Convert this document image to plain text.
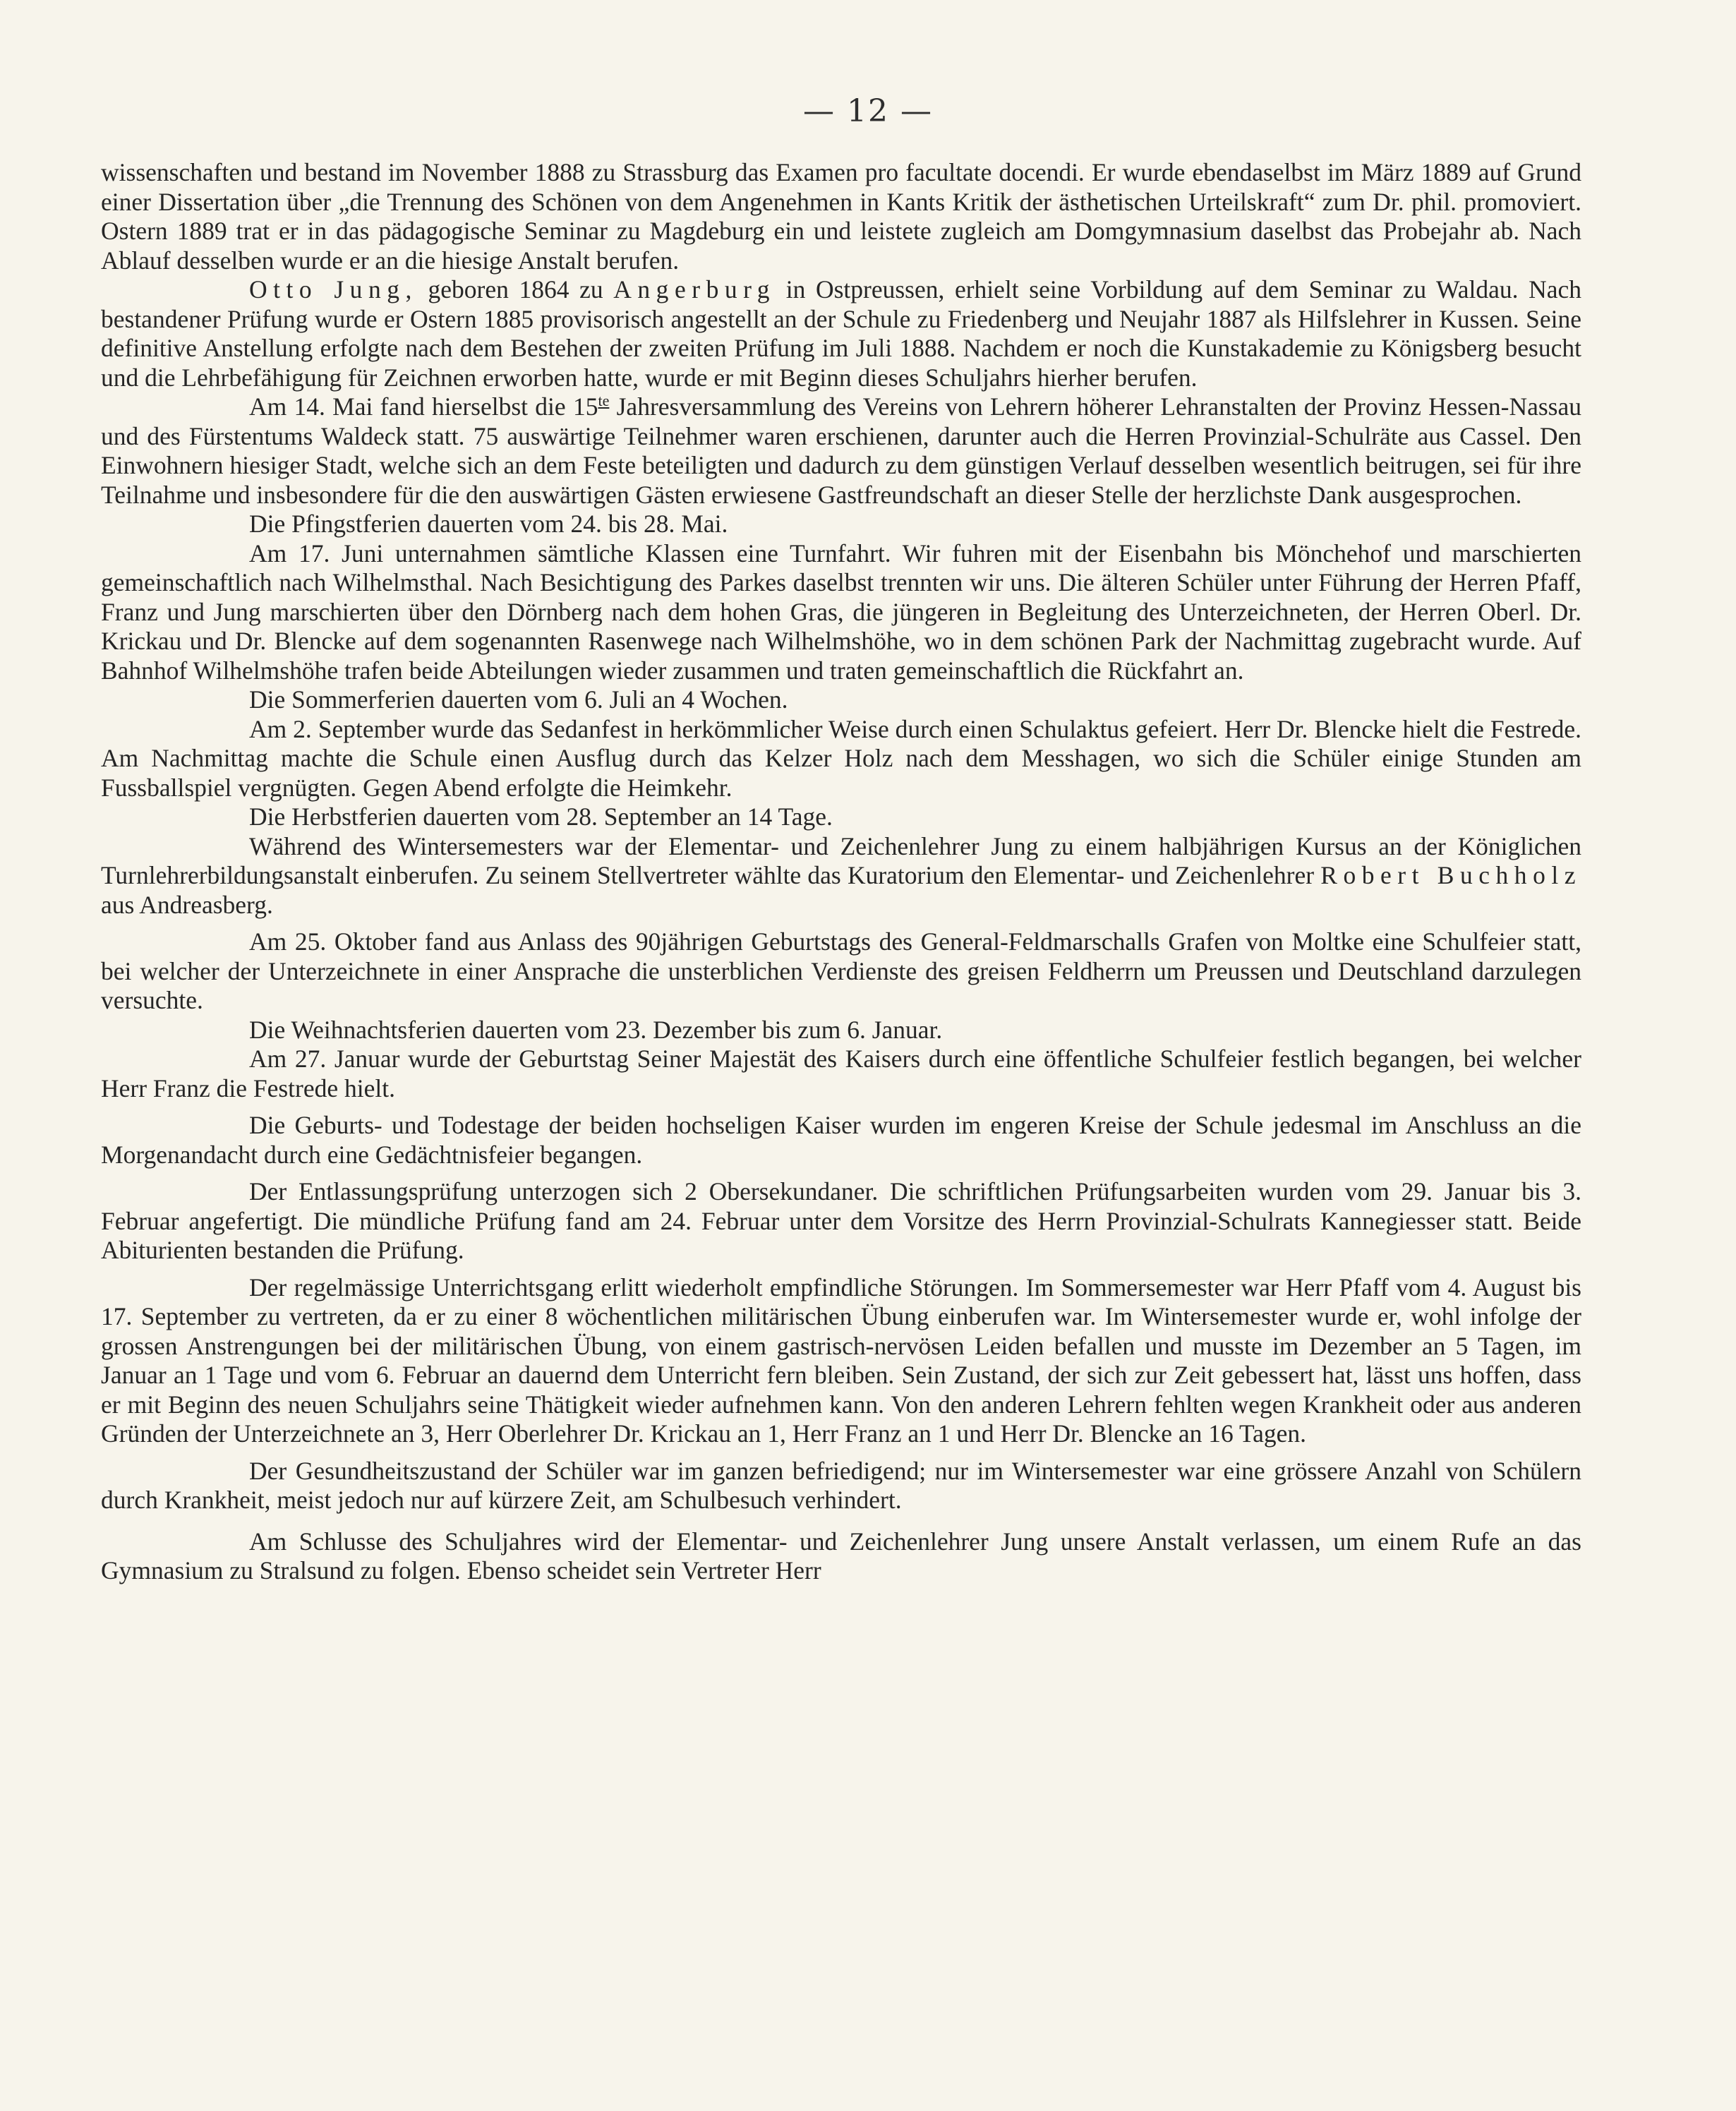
— 12 —

wissenschaften und bestand im November 1888 zu Strassburg das Examen pro facultate docendi. Er wurde ebendaselbst im März 1889 auf Grund einer Dissertation über „die Trennung des Schönen von dem Angenehmen in Kants Kritik der ästhetischen Urteilskraft“ zum Dr. phil. promoviert. Ostern 1889 trat er in das pädagogische Seminar zu Magdeburg ein und leistete zugleich am Domgymnasium daselbst das Probejahr ab. Nach Ablauf desselben wurde er an die hiesige Anstalt berufen.

Otto Jung, geboren 1864 zu Angerburg in Ostpreussen, erhielt seine Vorbildung auf dem Seminar zu Waldau. Nach bestandener Prüfung wurde er Ostern 1885 provisorisch angestellt an der Schule zu Friedenberg und Neujahr 1887 als Hilfslehrer in Kussen. Seine definitive Anstellung erfolgte nach dem Bestehen der zweiten Prüfung im Juli 1888. Nachdem er noch die Kunstakademie zu Königsberg besucht und die Lehrbefähigung für Zeichnen erworben hatte, wurde er mit Beginn dieses Schuljahrs hierher berufen.

Am 14. Mai fand hierselbst die $15^{te}$ Jahresversammlung des Vereins von Lehrern höherer Lehranstalten der Provinz Hessen-Nassau und des Fürstentums Waldeck statt. 75 auswärtige Teilnehmer waren erschienen, darunter auch die Herren Provinzial-Schulräte aus Cassel. Den Einwohnern hiesiger Stadt, welche sich an dem Feste beteiligten und dadurch zu dem günstigen Verlauf desselben wesentlich beitrugen, sei für ihre Teilnahme und insbesondere für die den auswärtigen Gästen erwiesene Gastfreundschaft an dieser Stelle der herzlichste Dank ausgesprochen.

Die Pfingstferien dauerten vom 24. bis 28. Mai.

Am 17. Juni unternahmen sämtliche Klassen eine Turnfahrt. Wir fuhren mit der Eisenbahn bis Mönchehof und marschierten gemeinschaftlich nach Wilhelmsthal. Nach Besichtigung des Parkes daselbst trennten wir uns. Die älteren Schüler unter Führung der Herren Pfaff, Franz und Jung marschierten über den Dörnberg nach dem hohen Gras, die jüngeren in Begleitung des Unterzeichneten, der Herren Oberl. Dr. Krickau und Dr. Blencke auf dem sogenannten Rasenwege nach Wilhelmshöhe, wo in dem schönen Park der Nachmittag zugebracht wurde. Auf Bahnhof Wilhelmshöhe trafen beide Abteilungen wieder zusammen und traten gemeinschaftlich die Rückfahrt an.

Die Sommerferien dauerten vom 6. Juli an 4 Wochen.

Am 2. September wurde das Sedanfest in herkömmlicher Weise durch einen Schulaktus gefeiert. Herr Dr. Blencke hielt die Festrede. Am Nachmittag machte die Schule einen Ausflug durch das Kelzer Holz nach dem Messhagen, wo sich die Schüler einige Stunden am Fussballspiel vergnügten. Gegen Abend erfolgte die Heimkehr.

Die Herbstferien dauerten vom 28. September an 14 Tage.

Während des Wintersemesters war der Elementar- und Zeichenlehrer Jung zu einem halbjährigen Kursus an der Königlichen Turnlehrerbildungsanstalt einberufen. Zu seinem Stellvertreter wählte das Kuratorium den Elementar- und Zeichenlehrer Robert Buchholz aus Andreasberg.

Am 25. Oktober fand aus Anlass des 90jährigen Geburtstags des General-Feldmarschalls Grafen von Moltke eine Schulfeier statt, bei welcher der Unterzeichnete in einer Ansprache die unsterblichen Verdienste des greisen Feldherrn um Preussen und Deutschland darzulegen versuchte.

Die Weihnachtsferien dauerten vom 23. Dezember bis zum 6. Januar.

Am 27. Januar wurde der Geburtstag Seiner Majestät des Kaisers durch eine öffentliche Schulfeier festlich begangen, bei welcher Herr Franz die Festrede hielt.

Die Geburts- und Todestage der beiden hochseligen Kaiser wurden im engeren Kreise der Schule jedesmal im Anschluss an die Morgenandacht durch eine Gedächtnisfeier begangen.

Der Entlassungsprüfung unterzogen sich 2 Obersekundaner. Die schriftlichen Prüfungsarbeiten wurden vom 29. Januar bis 3. Februar angefertigt. Die mündliche Prüfung fand am 24. Februar unter dem Vorsitze des Herrn Provinzial-Schulrats Kannegiesser statt. Beide Abiturienten bestanden die Prüfung.

Der regelmässige Unterrichtsgang erlitt wiederholt empfindliche Störungen. Im Sommersemester war Herr Pfaff vom 4. August bis 17. September zu vertreten, da er zu einer 8 wöchentlichen militärischen Übung einberufen war. Im Wintersemester wurde er, wohl infolge der grossen Anstrengungen bei der militärischen Übung, von einem gastrisch-nervösen Leiden befallen und musste im Dezember an 5 Tagen, im Januar an 1 Tage und vom 6. Februar an dauernd dem Unterricht fern bleiben. Sein Zustand, der sich zur Zeit gebessert hat, lässt uns hoffen, dass er mit Beginn des neuen Schuljahrs seine Thätigkeit wieder aufnehmen kann. Von den anderen Lehrern fehlten wegen Krankheit oder aus anderen Gründen der Unterzeichnete an 3, Herr Oberlehrer Dr. Krickau an 1, Herr Franz an 1 und Herr Dr. Blencke an 16 Tagen.

Der Gesundheitszustand der Schüler war im ganzen befriedigend; nur im Wintersemester war eine grössere Anzahl von Schülern durch Krankheit, meist jedoch nur auf kürzere Zeit, am Schulbesuch verhindert.

Am Schlusse des Schuljahres wird der Elementar- und Zeichenlehrer Jung unsere Anstalt verlassen, um einem Rufe an das Gymnasium zu Stralsund zu folgen. Ebenso scheidet sein Vertreter Herr
